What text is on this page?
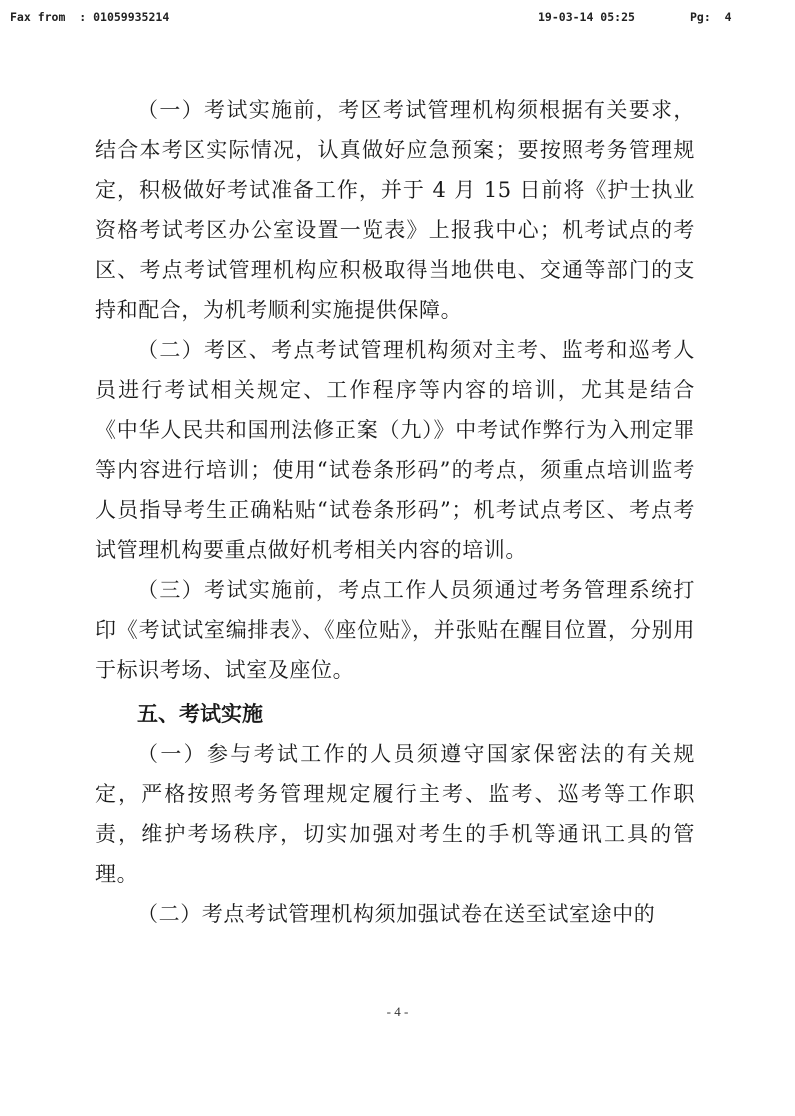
Fax from : 01059935214	19-03-14 05:25	Pg: 4

（一）考试实施前，考区考试管理机构须根据有关要求，结合本考区实际情况，认真做好应急预案；要按照考务管理规定，积极做好考试准备工作，并于 4 月 15 日前将《护士执业资格考试考区办公室设置一览表》上报我中心；机考试点的考区、考点考试管理机构应积极取得当地供电、交通等部门的支持和配合，为机考顺利实施提供保障。

（二）考区、考点考试管理机构须对主考、监考和巡考人员进行考试相关规定、工作程序等内容的培训，尤其是结合《中华人民共和国刑法修正案（九）》中考试作弊行为入刑定罪等内容进行培训；使用“试卷条形码”的考点，须重点培训监考人员指导考生正确粘贴“试卷条形码”；机考试点考区、考点考试管理机构要重点做好机考相关内容的培训。

（三）考试实施前，考点工作人员须通过考务管理系统打印《考试试室编排表》、《座位贴》，并张贴在醒目位置，分别用于标识考场、试室及座位。

五、考试实施

（一）参与考试工作的人员须遵守国家保密法的有关规定，严格按照考务管理规定履行主考、监考、巡考等工作职责，维护考场秩序，切实加强对考生的手机等通讯工具的管理。

（二）考点考试管理机构须加强试卷在送至试室途中的

- 4 -
